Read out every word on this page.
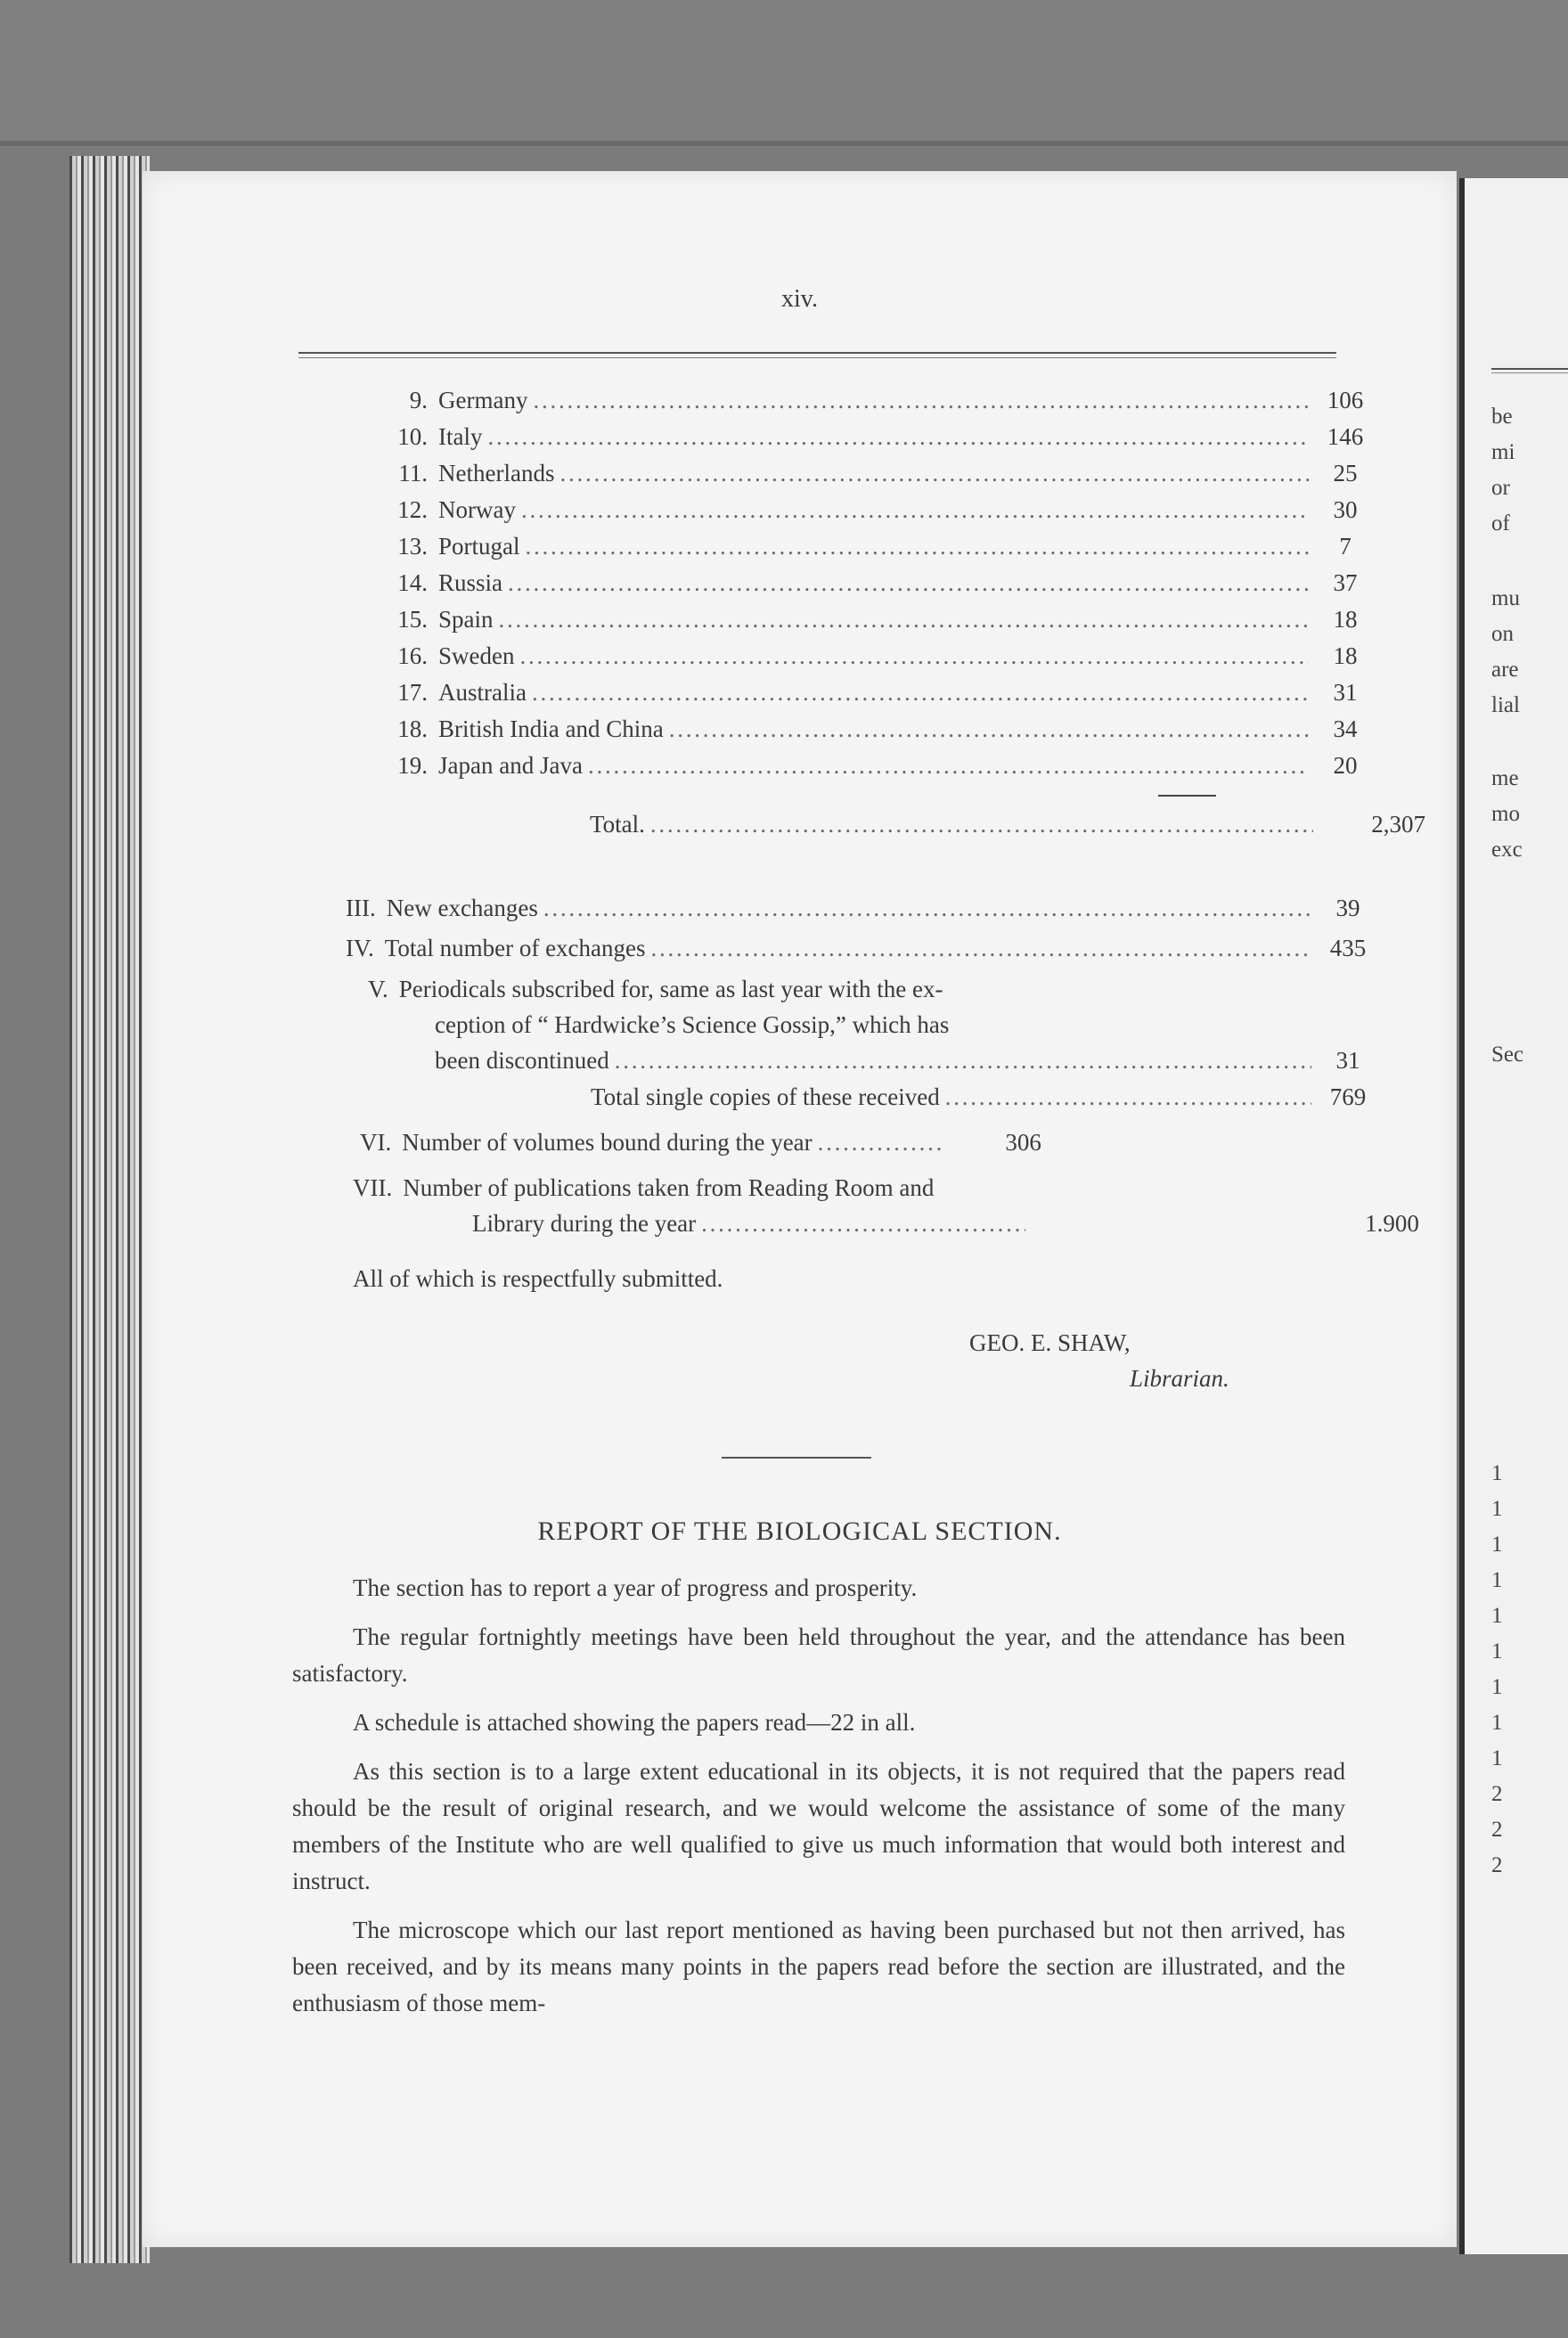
xiv.
9. Germany . . .	106
10. Italy . . .	146
11. Netherlands . . .	25
12. Norway . . .	30
13. Portugal . . .	7
14. Russia . . .	37
15. Spain . . .	18
16. Sweden . . .	18
17. Australia . . .	31
18. British India and China . . .	34
19. Japan and Java . . .	20
Total. . . .	2,307
III. New exchanges . . .	39
IV. Total number of exchanges . . .	435
V. Periodicals subscribed for, same as last year with the ex-
ception of “ Hardwicke’s Science Gossip,” which has
been discontinued . . .	31
Total single copies of these received . . .	769
VI. Number of volumes bound during the year . . .	306
VII. Number of publications taken from Reading Room and
Library during the year . . .	1.900
All of which is respectfully submitted.
GEO. E. SHAW,
Librarian.
REPORT OF THE BIOLOGICAL SECTION.

The section has to report a year of progress and prosperity.

The regular fortnightly meetings have been held throughout the year, and the attendance has been satisfactory.

A schedule is attached showing the papers read—22 in all.

As this section is to a large extent educational in its objects, it is not required that the papers read should be the result of original research, and we would welcome the assistance of some of the many members of the Institute who are well qualified to give us much information that would both interest and instruct.

The microscope which our last report mentioned as having been purchased but not then arrived, has been received, and by its means many points in the papers read before the section are illustrated, and the enthusiasm of those mem-

be
mi
or
of
mu
on
are
lial
me
mo
exc
Sec
1
1
1
1
1
1
1
1
1
2
2
2
